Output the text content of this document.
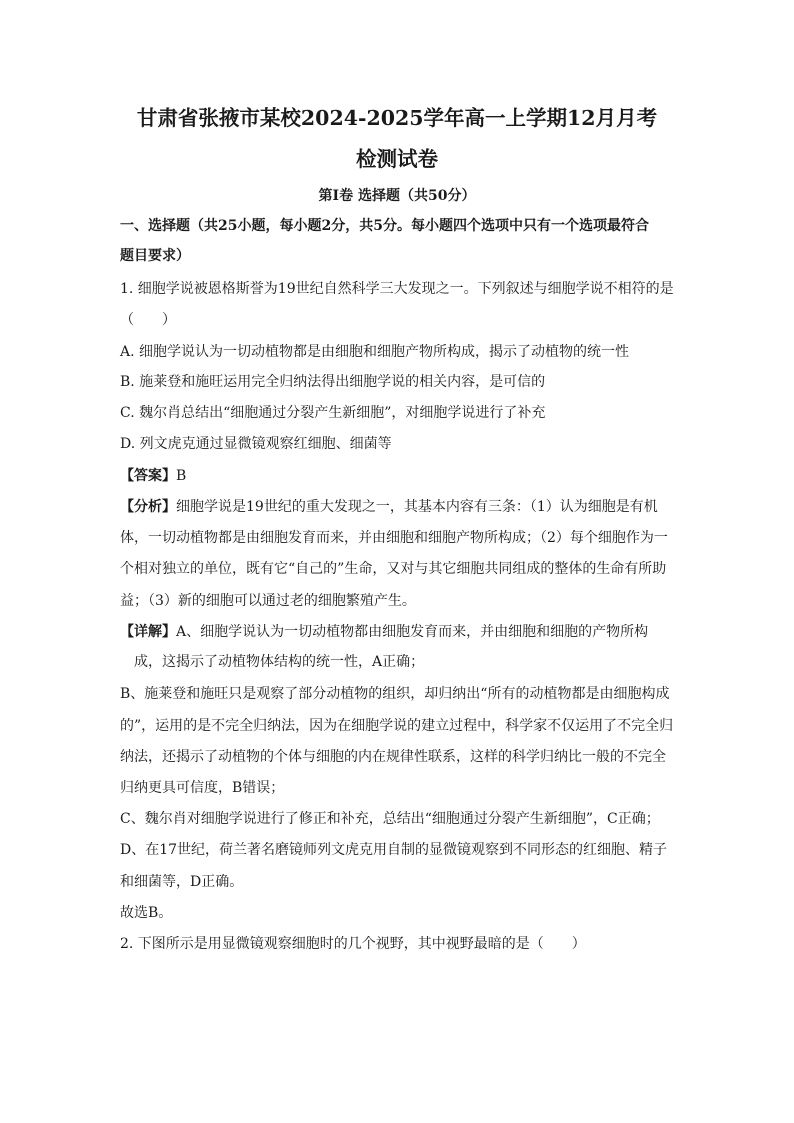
甘肃省张掖市某校2024-2025学年高一上学期12月月考
检测试卷
第I卷 选择题（共50分）
一、选择题（共25小题，每小题2分，共5分。每小题四个选项中只有一个选项最符合
题目要求）
1. 细胞学说被恩格斯誉为19世纪自然科学三大发现之一。下列叙述与细胞学说不相符的是
（　　）
A. 细胞学说认为一切动植物都是由细胞和细胞产物所构成，揭示了动植物的统一性
B. 施莱登和施旺运用完全归纳法得出细胞学说的相关内容，是可信的
C. 魏尔肖总结出“细胞通过分裂产生新细胞”，对细胞学说进行了补充
D. 列文虎克通过显微镜观察红细胞、细菌等
【答案】B
【分析】细胞学说是19世纪的重大发现之一，其基本内容有三条：（1）认为细胞是有机
体，一切动植物都是由细胞发育而来，并由细胞和细胞产物所构成；（2）每个细胞作为一
个相对独立的单位，既有它“自己的”生命，又对与其它细胞共同组成的整体的生命有所助
益；（3）新的细胞可以通过老的细胞繁殖产生。
【详解】A、细胞学说认为一切动植物都由细胞发育而来，并由细胞和细胞的产物所构
成，这揭示了动植物体结构的统一性，A正确；
B、施莱登和施旺只是观察了部分动植物的组织，却归纳出“所有的动植物都是由细胞构成
的”，运用的是不完全归纳法，因为在细胞学说的建立过程中，科学家不仅运用了不完全归
纳法，还揭示了动植物的个体与细胞的内在规律性联系，这样的科学归纳比一般的不完全
归纳更具可信度，B错误；
C、魏尔肖对细胞学说进行了修正和补充，总结出“细胞通过分裂产生新细胞”，C正确；
D、在17世纪，荷兰著名磨镜师列文虎克用自制的显微镜观察到不同形态的红细胞、精子
和细菌等，D正确。
故选B。
2. 下图所示是用显微镜观察细胞时的几个视野，其中视野最暗的是（　　）
